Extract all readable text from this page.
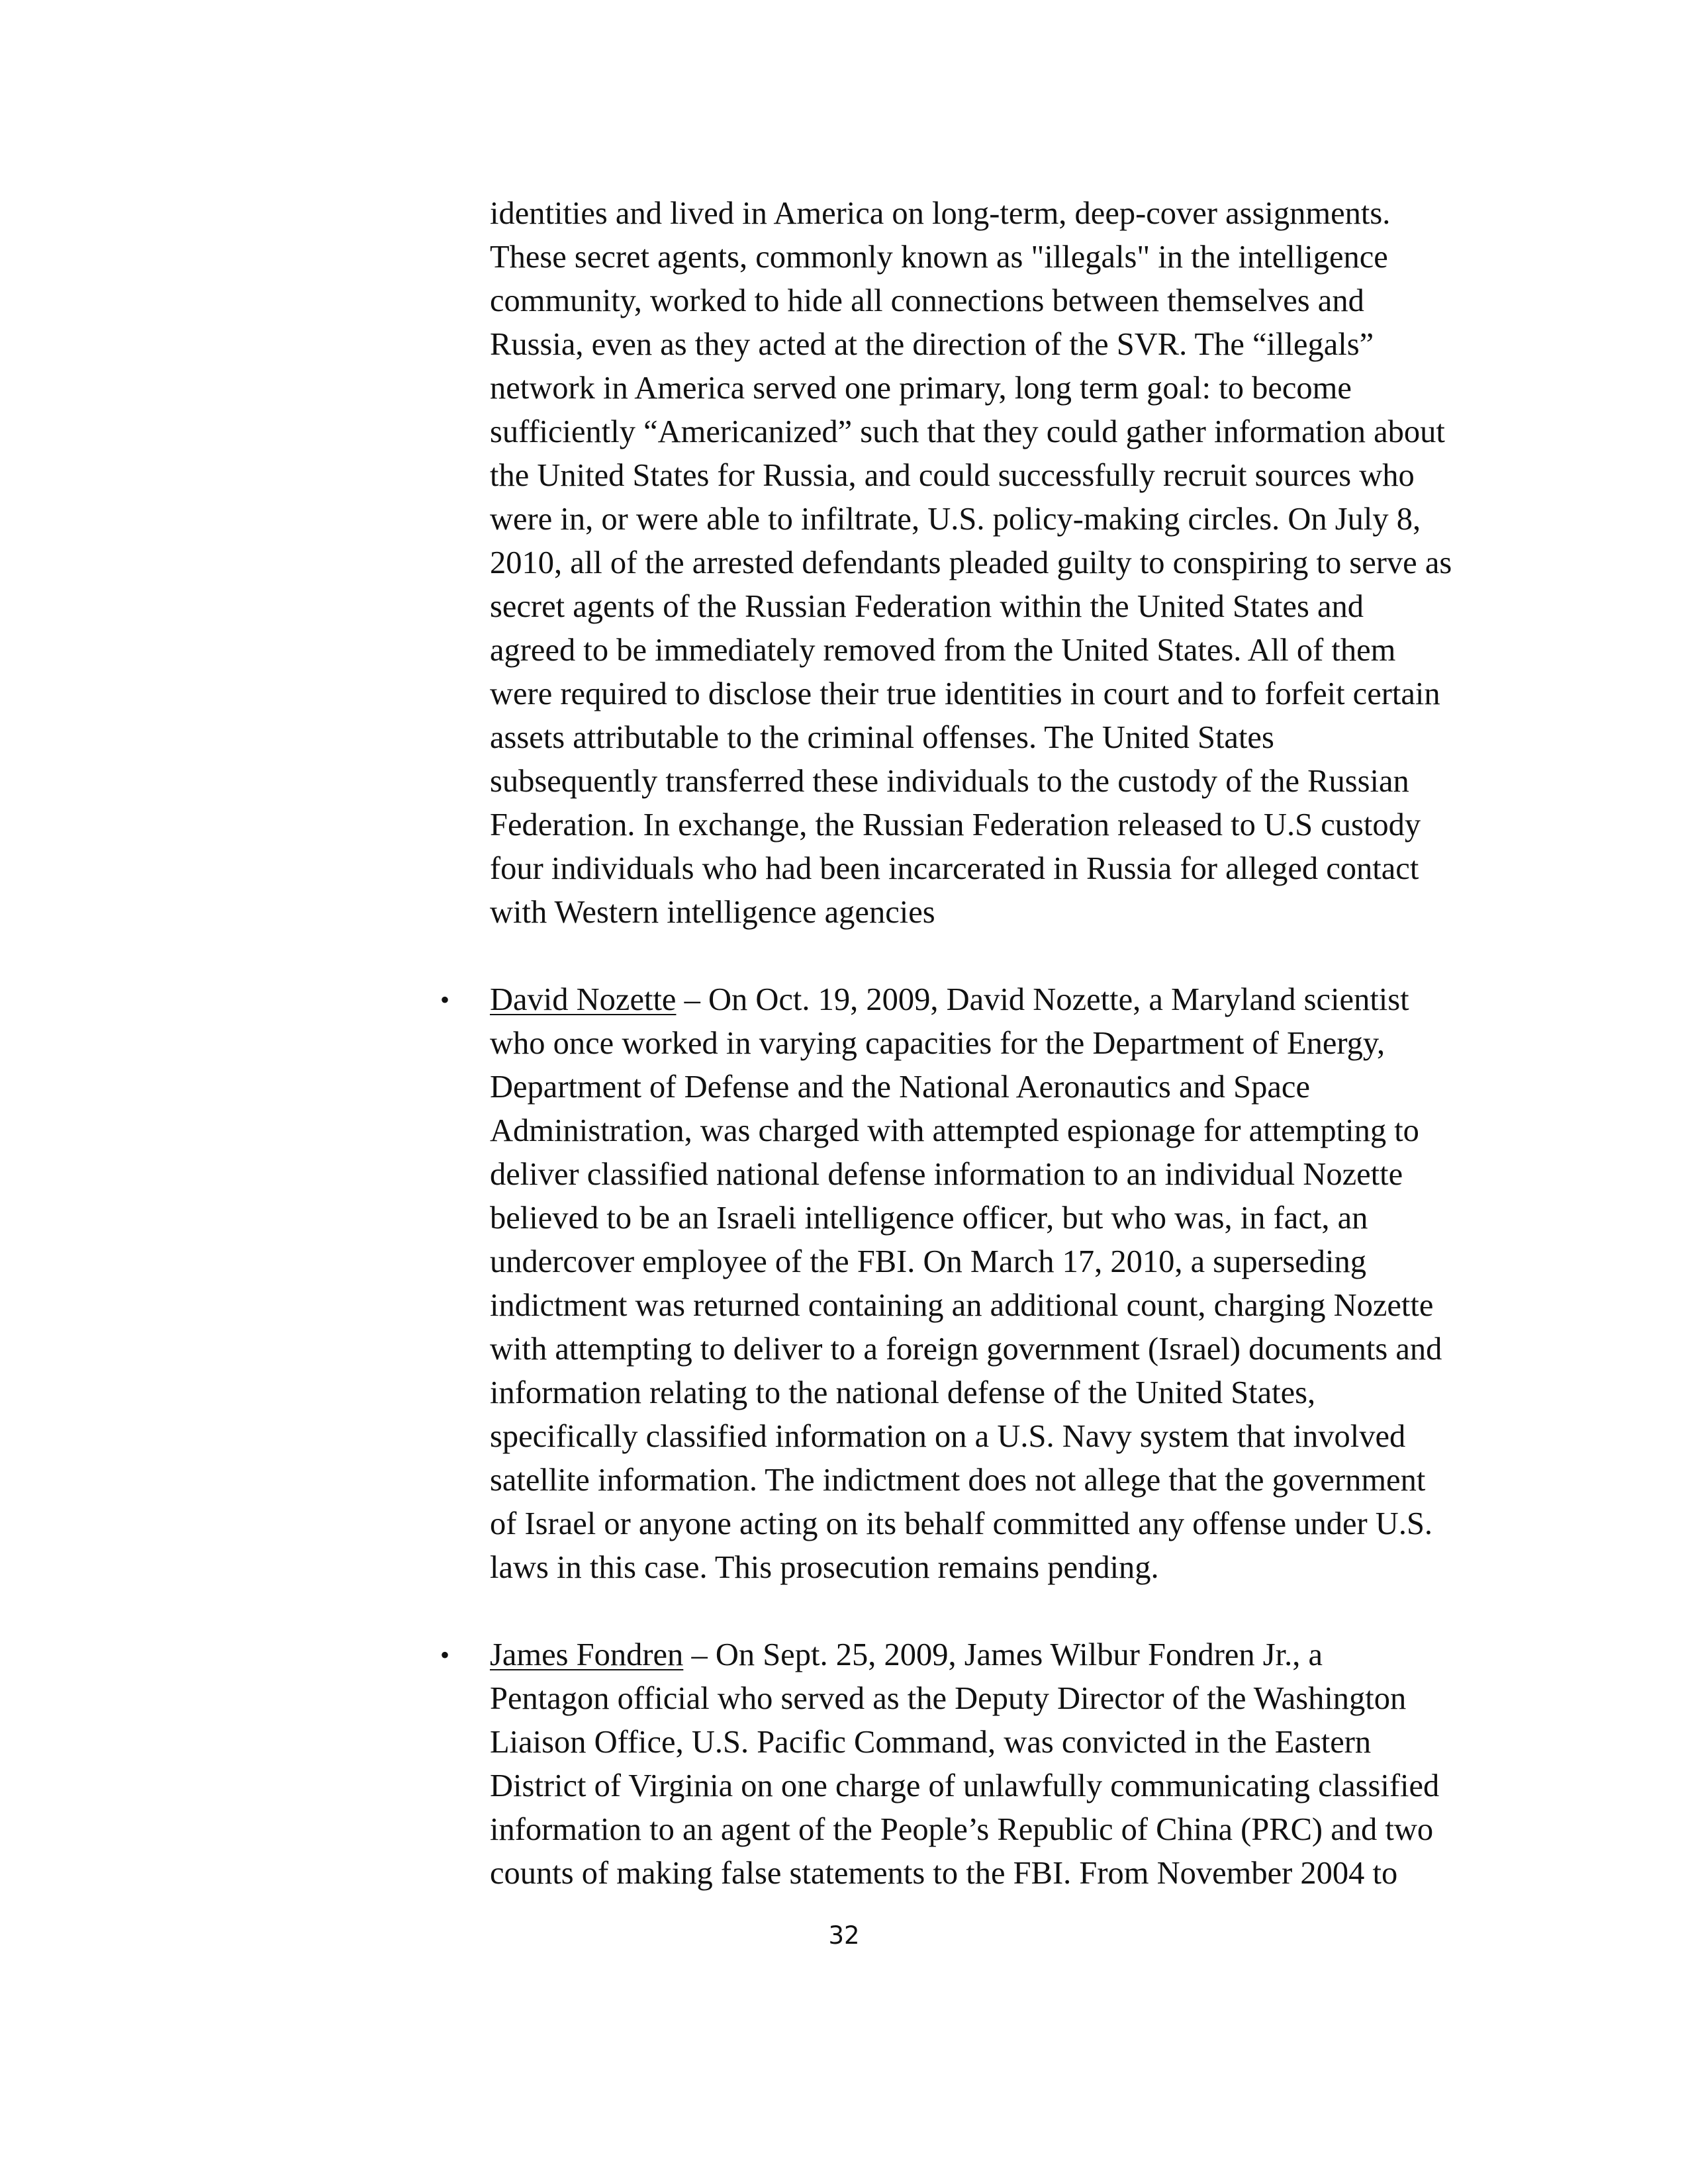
identities and lived in America on long-term, deep-cover assignments.
These secret agents, commonly known as "illegals" in the intelligence
community, worked to hide all connections between themselves and
Russia, even as they acted at the direction of the SVR. The “illegals”
network in America served one primary, long term goal: to become
sufficiently “Americanized” such that they could gather information about
the United States for Russia, and could successfully recruit sources who
were in, or were able to infiltrate, U.S. policy-making circles. On July 8,
2010, all of the arrested defendants pleaded guilty to conspiring to serve as
secret agents of the Russian Federation within the United States and
agreed to be immediately removed from the United States. All of them
were required to disclose their true identities in court and to forfeit certain
assets attributable to the criminal offenses. The United States
subsequently transferred these individuals to the custody of the Russian
Federation. In exchange, the Russian Federation released to U.S custody
four individuals who had been incarcerated in Russia for alleged contact
with Western intelligence agencies

• David Nozette – On Oct. 19, 2009, David Nozette, a Maryland scientist
who once worked in varying capacities for the Department of Energy,
Department of Defense and the National Aeronautics and Space
Administration, was charged with attempted espionage for attempting to
deliver classified national defense information to an individual Nozette
believed to be an Israeli intelligence officer, but who was, in fact, an
undercover employee of the FBI. On March 17, 2010, a superseding
indictment was returned containing an additional count, charging Nozette
with attempting to deliver to a foreign government (Israel) documents and
information relating to the national defense of the United States,
specifically classified information on a U.S. Navy system that involved
satellite information. The indictment does not allege that the government
of Israel or anyone acting on its behalf committed any offense under U.S.
laws in this case. This prosecution remains pending.
• James Fondren – On Sept. 25, 2009, James Wilbur Fondren Jr., a
Pentagon official who served as the Deputy Director of the Washington
Liaison Office, U.S. Pacific Command, was convicted in the Eastern
District of Virginia on one charge of unlawfully communicating classified
information to an agent of the People’s Republic of China (PRC) and two
counts of making false statements to the FBI. From November 2004 to
32
